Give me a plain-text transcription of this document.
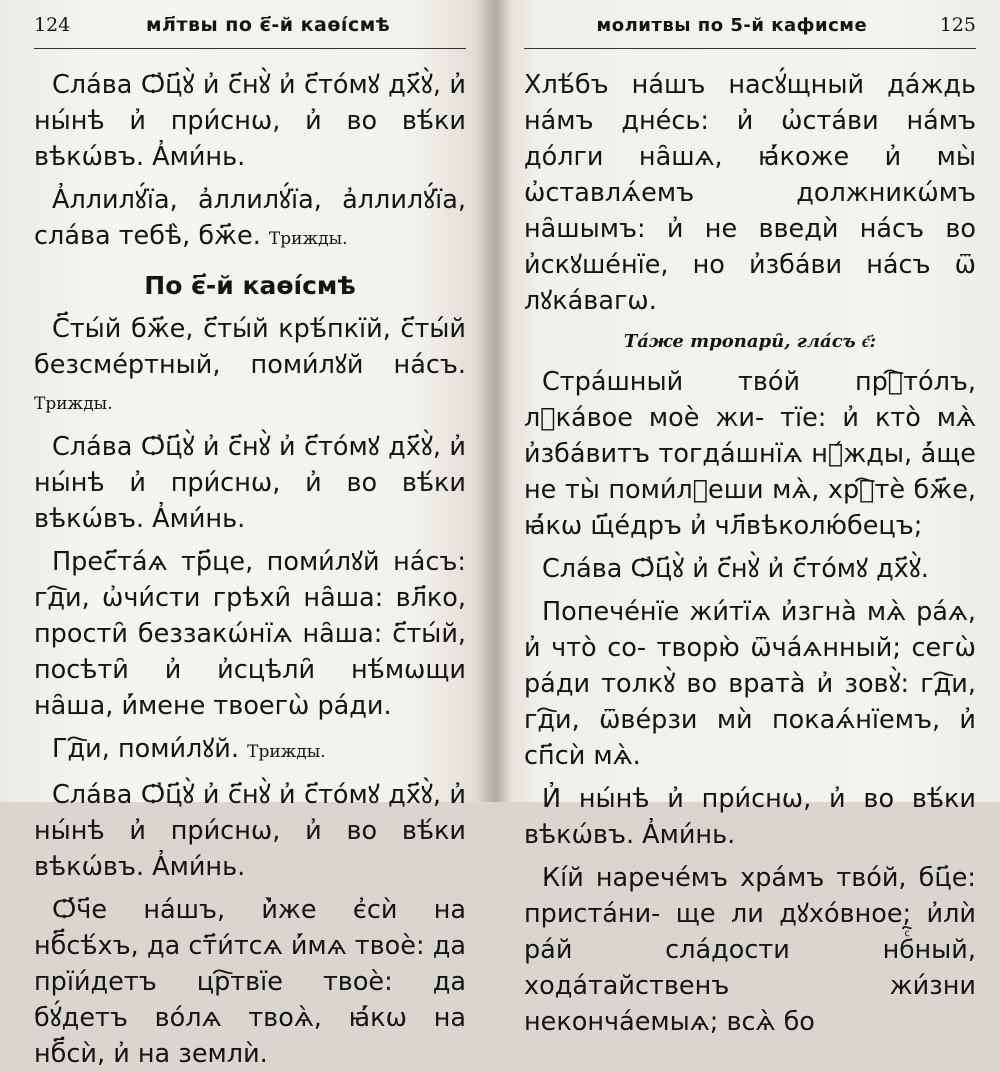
124	мл҃твы по є҃-й каѳі́смѣ

Сла́ва Ѻ҆ц҃ꙋ̀ и҆ с҃нꙋ̀ и҆ с҃то́мꙋ дх҃ꙋ̀, и҆ ны́нѣ и҆ при́снѡ, и҆ во вѣ́ки вѣкѡ́въ. А҆ми́нь.

А҆ллилꙋ́їа, а҆ллилꙋ́їа, а҆ллилꙋ́їа, сла́ва тебѣ̀, бж҃е. Трижды.

По є҃-й каѳі́смѣ

С҃ты́й бж҃е, с҃ты́й крѣ́пкїй, с҃ты́й безсме́ртный, поми́лꙋй на́съ. Трижды.

Сла́ва Ѻ҆ц҃ꙋ̀ и҆ с҃нꙋ̀ и҆ с҃то́мꙋ дх҃ꙋ̀, и҆ ны́нѣ и҆ при́снѡ, и҆ во вѣ́ки вѣкѡ́въ. А҆ми́нь.

Прес҃та́ѧ тр҃це, поми́лꙋй на́съ: гд҇и, ѡ҆чи́сти грѣхи̑ на̑ша: вл҃ко, прости̑ беззакѡ́нїѧ на̑ша: с҃ты́й, посѣти̑ и҆ и҆сцѣли̑ нѣ́мѡщи на̑ша, и҆́мене твоегѡ̀ ра́ди.

Гд҇и, поми́лꙋй. Трижды.

Сла́ва Ѻ҆ц҃ꙋ̀ и҆ с҃нꙋ̀ и҆ с҃то́мꙋ дх҃ꙋ̀, и҆ ны́нѣ и҆ при́снѡ, и҆ во вѣ́ки вѣкѡ́въ. А҆ми́нь.

Ѻ҆́ч҃е на́шъ, и҆̀же є҆сѝ на нб҃сѣ́хъ, да ст҃и́тсѧ и҆́мѧ твоѐ: да прїи́детъ цр҇твїе твоѐ: да бꙋ́детъ во́лѧ твоѧ̀, ꙗ҆́кѡ на нб҃сѝ, и҆ на землѝ.

молитвы по 5-й кафисме	125

Хлѣ́бъ на́шъ насꙋ́щный да́ждь на́мъ дне́сь: и҆ ѡ҆ста́ви на́мъ до́лги на̑шѧ, ꙗ҆́коже и҆ мы̀ ѡ҆ставлѧ́емъ должникѡ́мъ на̑шымъ: и҆ не введѝ на́съ во и҆скꙋше́нїе, но и҆зба́ви на́съ ѿ лꙋка́вагѡ.

Та́же тропари̑, гла́съ є҃:

Стра́шный тво́й прⷭ҇то́лъ, лꙋка́вое моѐ жи- тїе: и҆ кто̀ мѧ̀ и҆зба́витъ тогда́шнїѧ нꙋ́жды, а҆́ще не ты̀ поми́лꙋеши мѧ̀, хрⷭ҇тѐ бж҃е, ꙗ҆́кѡ щ҃е́дръ и҆ чл҃вѣколю́бецъ;

Сла́ва Ѻ҆ц҃ꙋ̀ и҆ с҃нꙋ̀ и҆ с҃то́мꙋ дх҃ꙋ̀.

Попече́нїе жи́тїѧ и҆згна̀ мѧ̀ ра́ѧ, и҆ что̀ со- творю̀ ѿча́ѧнный; сегѡ̀ ра́ди толкꙋ̀ во врата̀ и҆ зовꙋ̀: гд҇и, гд҇и, ѿве́рзи мѝ покаѧ́нїемъ, и҆ сп҃сѝ мѧ̀.

И҆ ны́нѣ и҆ при́снѡ, и҆ во вѣ́ки вѣкѡ́въ. А҆ми́нь.

Кі́й нарече́мъ хра́мъ тво́й, бц҃е: приста́ни- ще ли дꙋхо́вное; и҆лѝ ра́й сла́дости нбⷭ҇ный, хода́тайственъ жи́зни неконча́емыѧ; всѧ̀ бо
